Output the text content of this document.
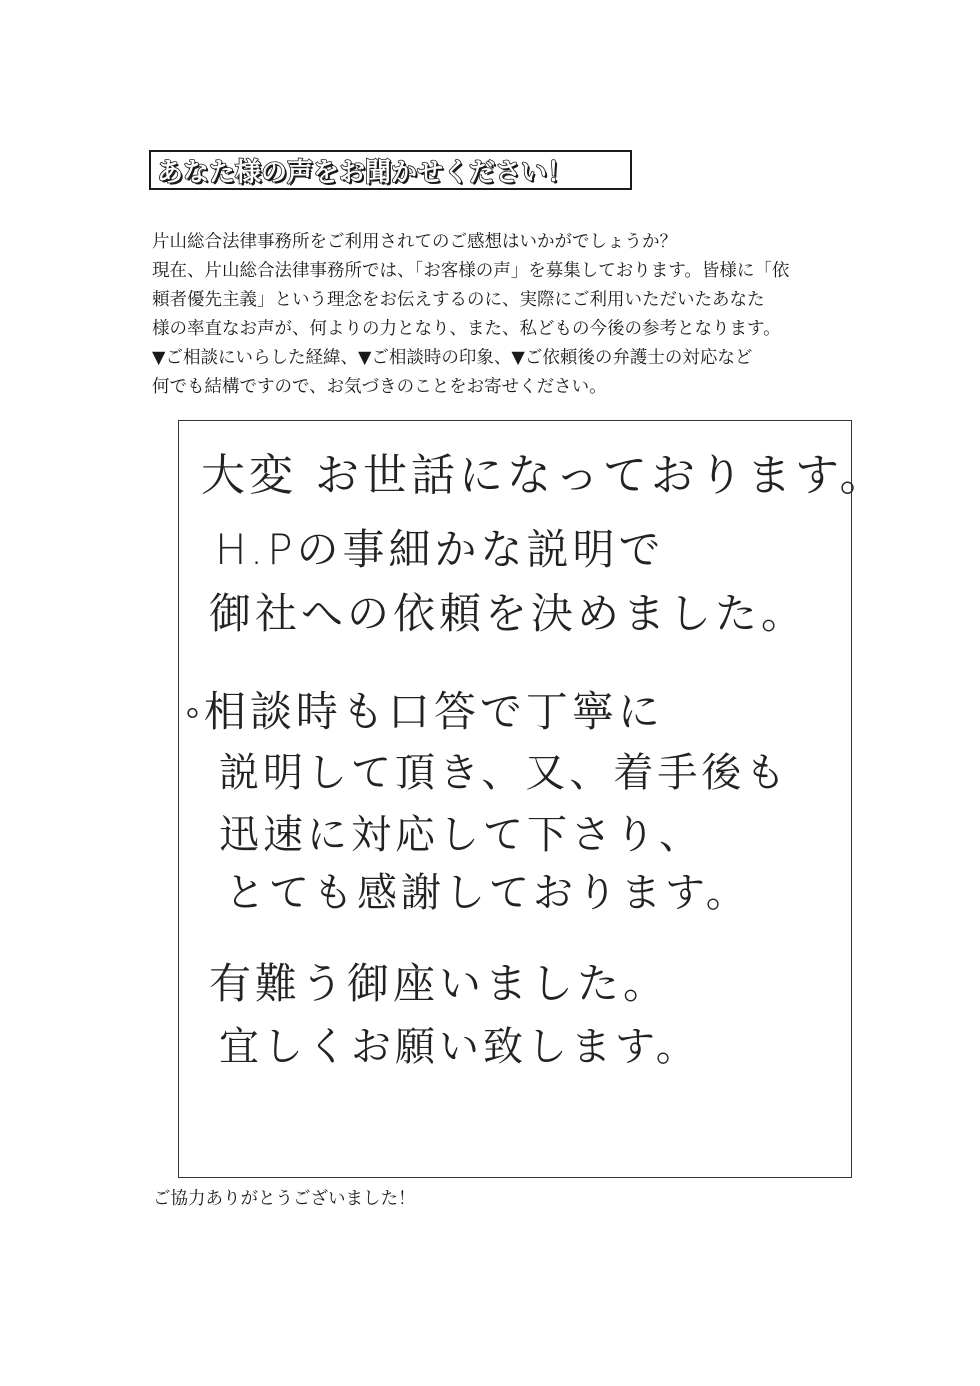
あなた様の声をお聞かせください！
片山総合法律事務所をご利用されてのご感想はいかがでしょうか？
現在、片山総合法律事務所では、「お客様の声」を募集しております。皆様に「依
頼者優先主義」という理念をお伝えするのに、実際にご利用いただいたあなた
様の率直なお声が、何よりの力となり、また、私どもの今後の参考となります。
▼ご相談にいらした経緯、▼ご相談時の印象、▼ご依頼後の弁護士の対応など
何でも結構ですので、お気づきのことをお寄せください。
大変 お世話になっております。
H.Pの事細かな説明で
御社への依頼を決めました。
◦相談時も口答で丁寧に
説明して頂き、又、着手後も
迅速に対応して下さり、
とても感謝しております。
有難う御座いました。
宜しくお願い致します。
ご協力ありがとうございました！
